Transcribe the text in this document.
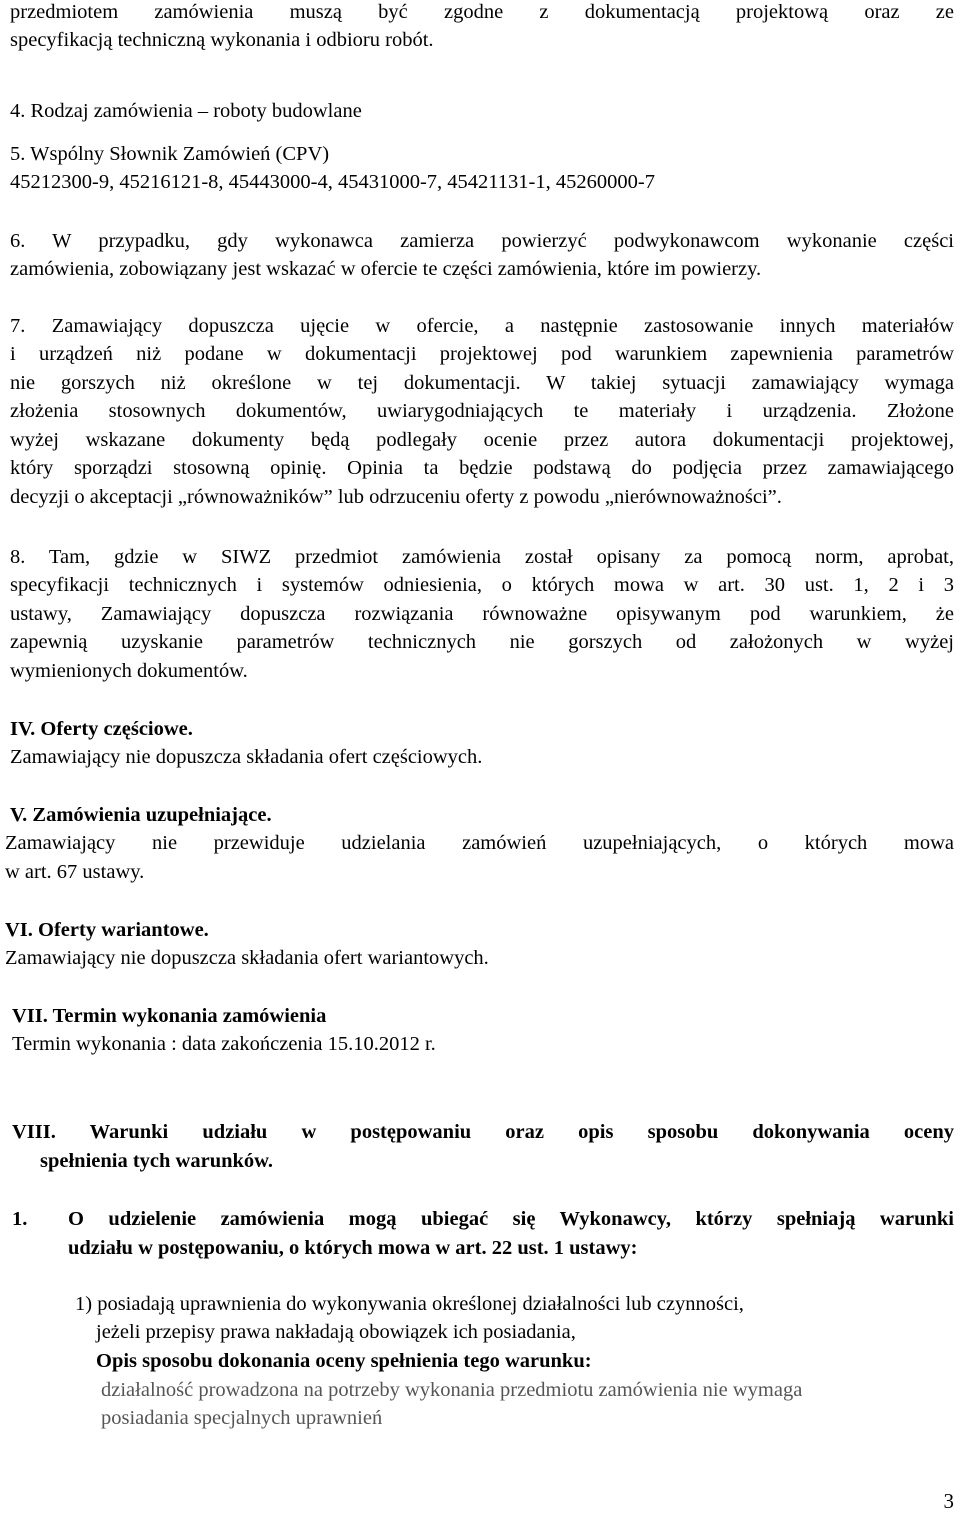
przedmiotem zamówienia muszą być zgodne z dokumentacją projektową oraz ze
specyfikacją techniczną wykonania i odbioru robót.
4. Rodzaj zamówienia – roboty budowlane
5. Wspólny Słownik Zamówień (CPV)
45212300-9, 45216121-8, 45443000-4, 45431000-7, 45421131-1, 45260000-7
6. W przypadku, gdy wykonawca zamierza powierzyć podwykonawcom wykonanie części
zamówienia, zobowiązany jest wskazać w ofercie te części zamówienia, które im powierzy.
7. Zamawiający dopuszcza ujęcie w ofercie, a następnie zastosowanie innych materiałów
i urządzeń niż podane w dokumentacji projektowej pod warunkiem zapewnienia parametrów
nie gorszych niż określone w tej dokumentacji. W takiej sytuacji zamawiający wymaga
złożenia stosownych dokumentów, uwiarygodniających te materiały i urządzenia. Złożone
wyżej wskazane dokumenty będą podlegały ocenie przez autora dokumentacji projektowej,
który sporządzi stosowną opinię. Opinia ta będzie podstawą do podjęcia przez zamawiającego
decyzji o akceptacji „równoważników” lub odrzuceniu oferty z powodu „nierównoważności”.
8. Tam, gdzie w SIWZ przedmiot zamówienia został opisany za pomocą norm, aprobat,
specyfikacji technicznych i systemów odniesienia, o których mowa w art. 30 ust. 1, 2 i 3
ustawy, Zamawiający dopuszcza rozwiązania równoważne opisywanym pod warunkiem, że
zapewnią uzyskanie parametrów technicznych nie gorszych od założonych w wyżej
wymienionych dokumentów.
IV. Oferty częściowe.
Zamawiający nie dopuszcza składania ofert częściowych.
V. Zamówienia uzupełniające.
Zamawiający nie przewiduje udzielania zamówień uzupełniających, o których mowa
w art. 67 ustawy.
VI. Oferty wariantowe.
Zamawiający nie dopuszcza składania ofert wariantowych.
VII. Termin wykonania zamówienia
Termin wykonania : data zakończenia 15.10.2012 r.
VIII. Warunki udziału w postępowaniu oraz opis sposobu dokonywania oceny
spełnienia tych warunków.
1. O udzielenie zamówienia mogą ubiegać się Wykonawcy, którzy spełniają warunki
udziału w postępowaniu, o których mowa w art. 22 ust. 1 ustawy:
1) posiadają uprawnienia do wykonywania określonej działalności lub czynności,
jeżeli przepisy prawa nakładają obowiązek ich posiadania,
Opis sposobu dokonania oceny spełnienia tego warunku:
działalność prowadzona na potrzeby wykonania przedmiotu zamówienia nie wymaga
posiadania specjalnych uprawnień
3
